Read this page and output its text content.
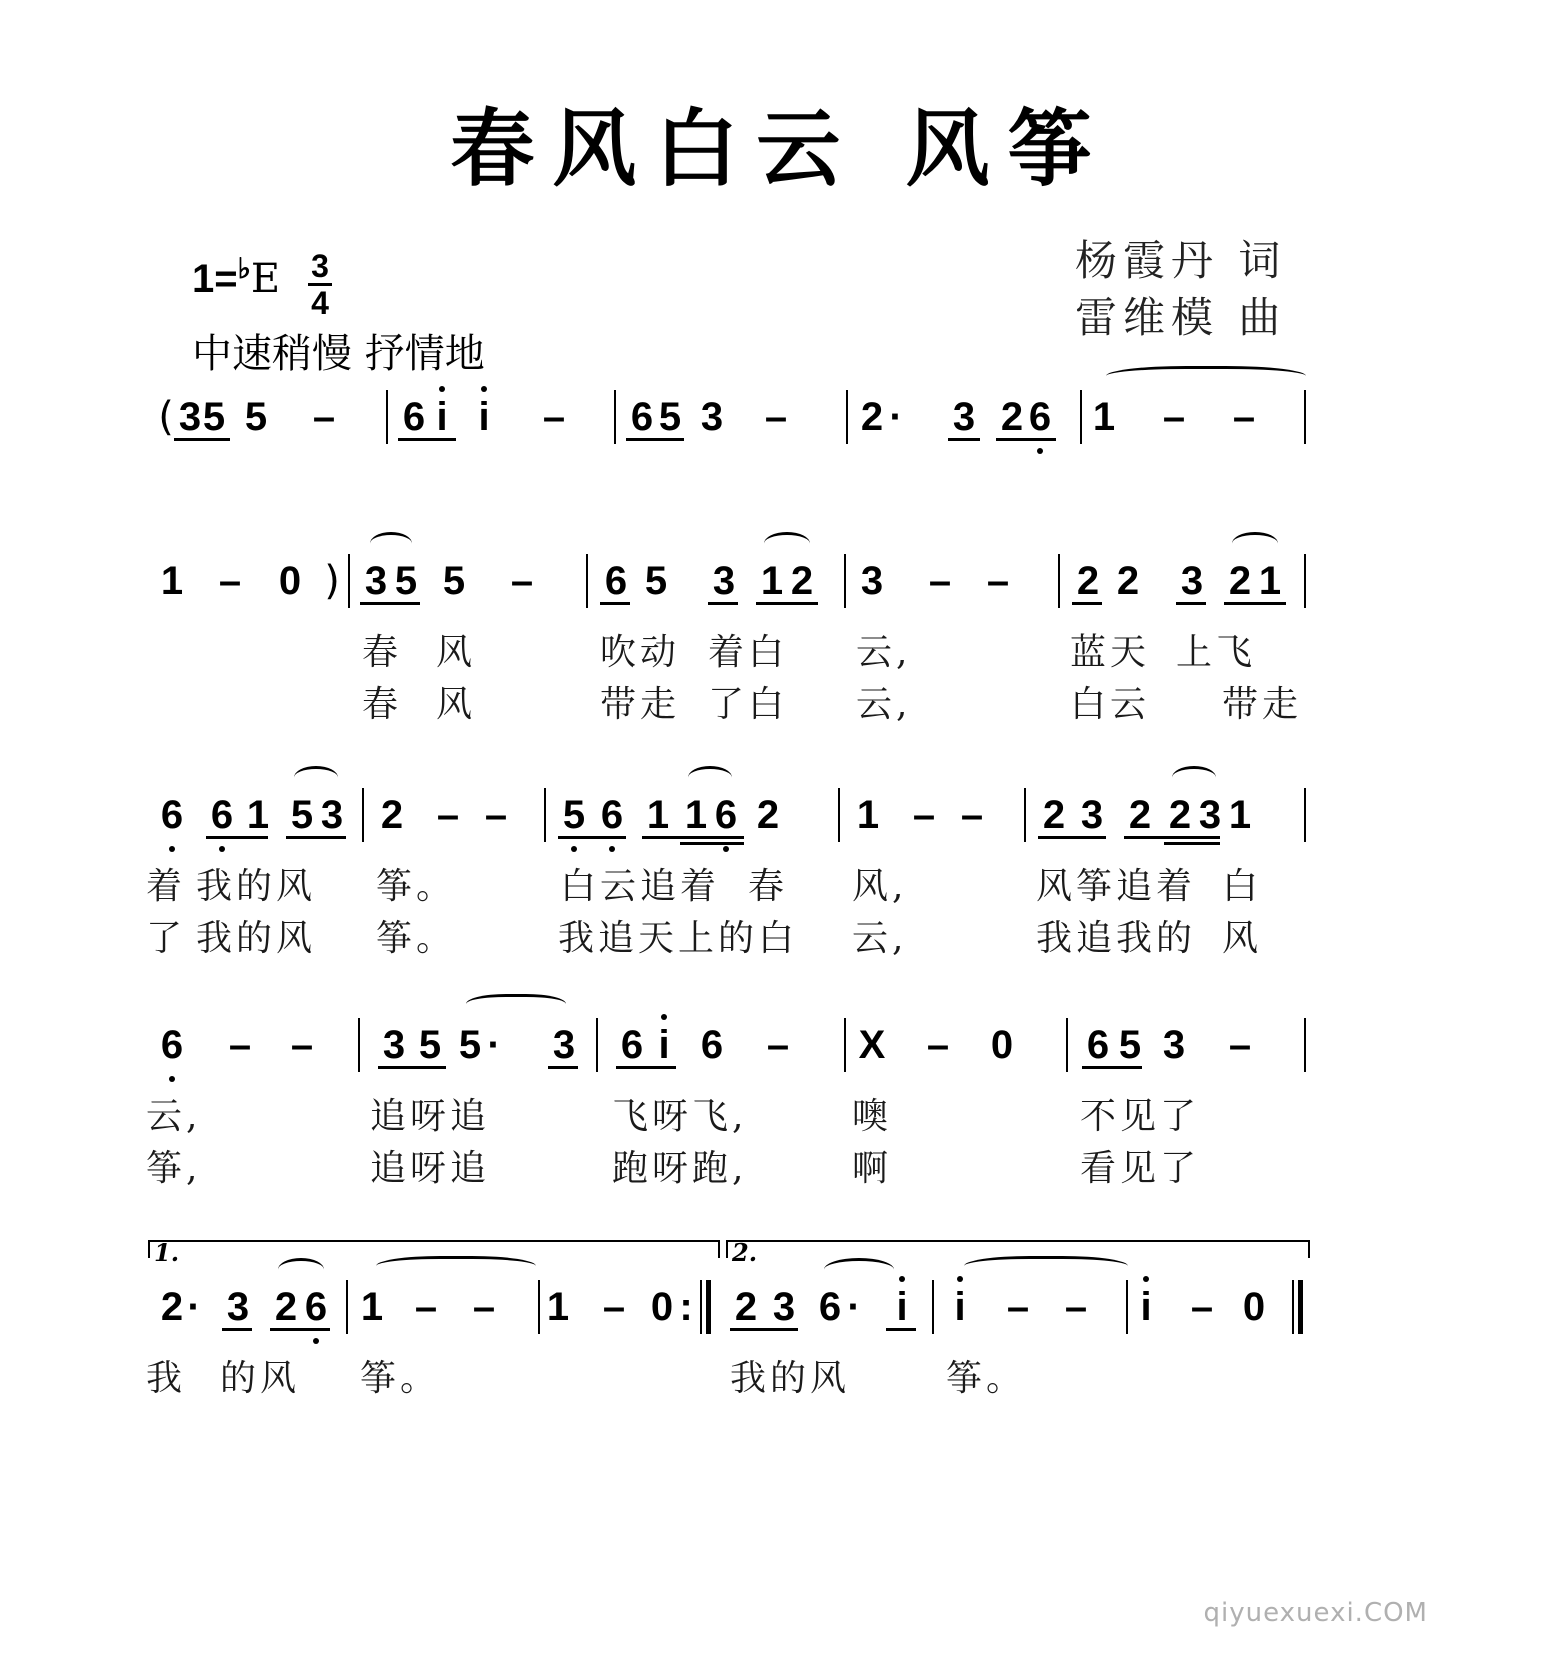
春风白云 风筝
杨霞丹 词
雷维模 曲
1=♭E 3
4
中速稍慢 抒情地
( 3 5 5 – 6 i i	– 6 5 3 – 2 · 3 2 6 1 – –
1 – 0 ) 3 5 5 – 6 5 3 1 2 3 – – 2 2 3 2 1
春 风	吹动 着白 云,	蓝天 上飞
春 风	带走 了白 云,	白云 带走
6 6 1 5 3 2 – – 5 6 1 1 6 2 1 – – 2 3 2 2 3 1
着 我的风 筝。	白云追着 春 风,	风筝追着 白
了 我的风 筝。	我追天上的白 云,	我追我的 风
6 – – 3 5 5 · 3 6 i 6 – X – 0 6 5 3 –
云,	追呀追	飞呀飞,	噢	不见了
筝,	追呀追	跑呀跑,	啊	看见了
1.	2.
2 · 3 2 6 1 – – 1 – 0 : 2 3 6 · i	i	– –	i – 0
我 的风 筝。	我的风	筝。
qiyuexuexi.COM
